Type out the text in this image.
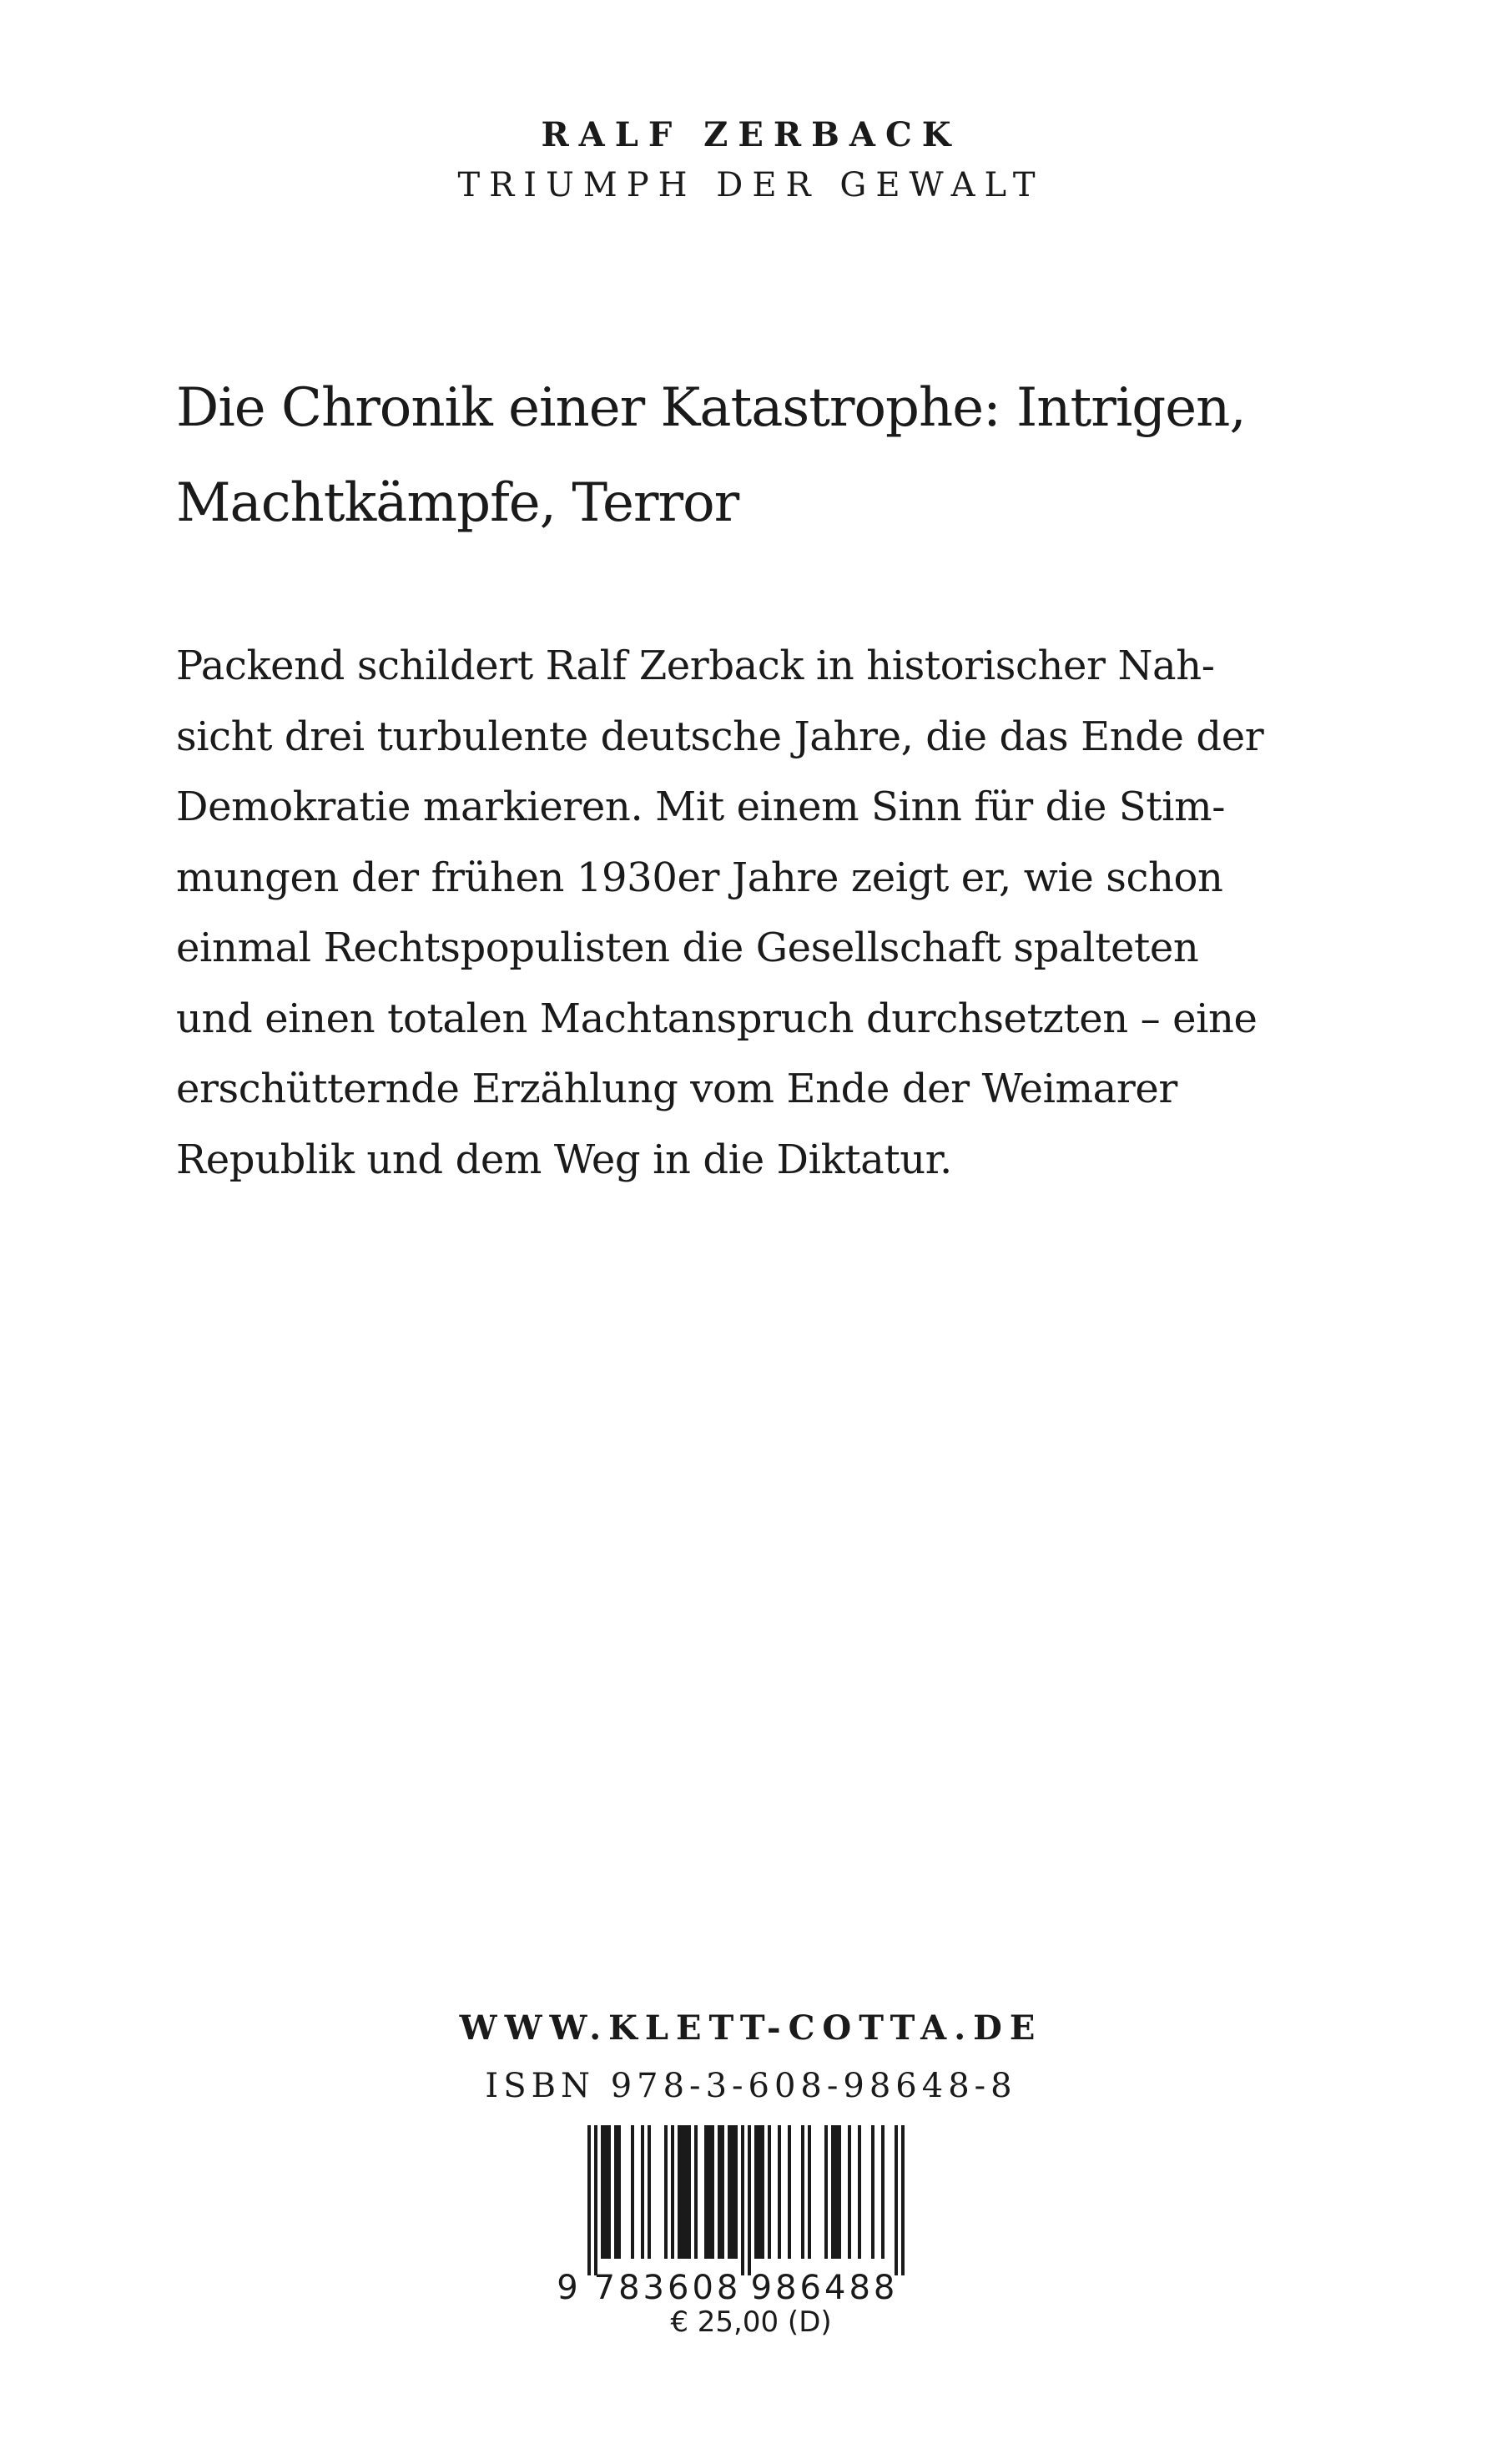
RALF ZERBACK
TRIUMPH DER GEWALT
Die Chronik einer Katastrophe: Intrigen,
Machtkämpfe, Terror
Packend schildert Ralf Zerback in historischer Nah-
sicht drei turbulente deutsche Jahre, die das Ende der
Demokratie markieren. Mit einem Sinn für die Stim-
mungen der frühen 1930er Jahre zeigt er, wie schon
einmal Rechtspopulisten die Gesellschaft spalteten
und einen totalen Machtanspruch durchsetzten – eine
erschütternde Erzählung vom Ende der Weimarer
Republik und dem Weg in die Diktatur.
WWW.KLETT-COTTA.DE
ISBN 978-3-608-98648-8
9 783608 986488
€ 25,00 (D)
